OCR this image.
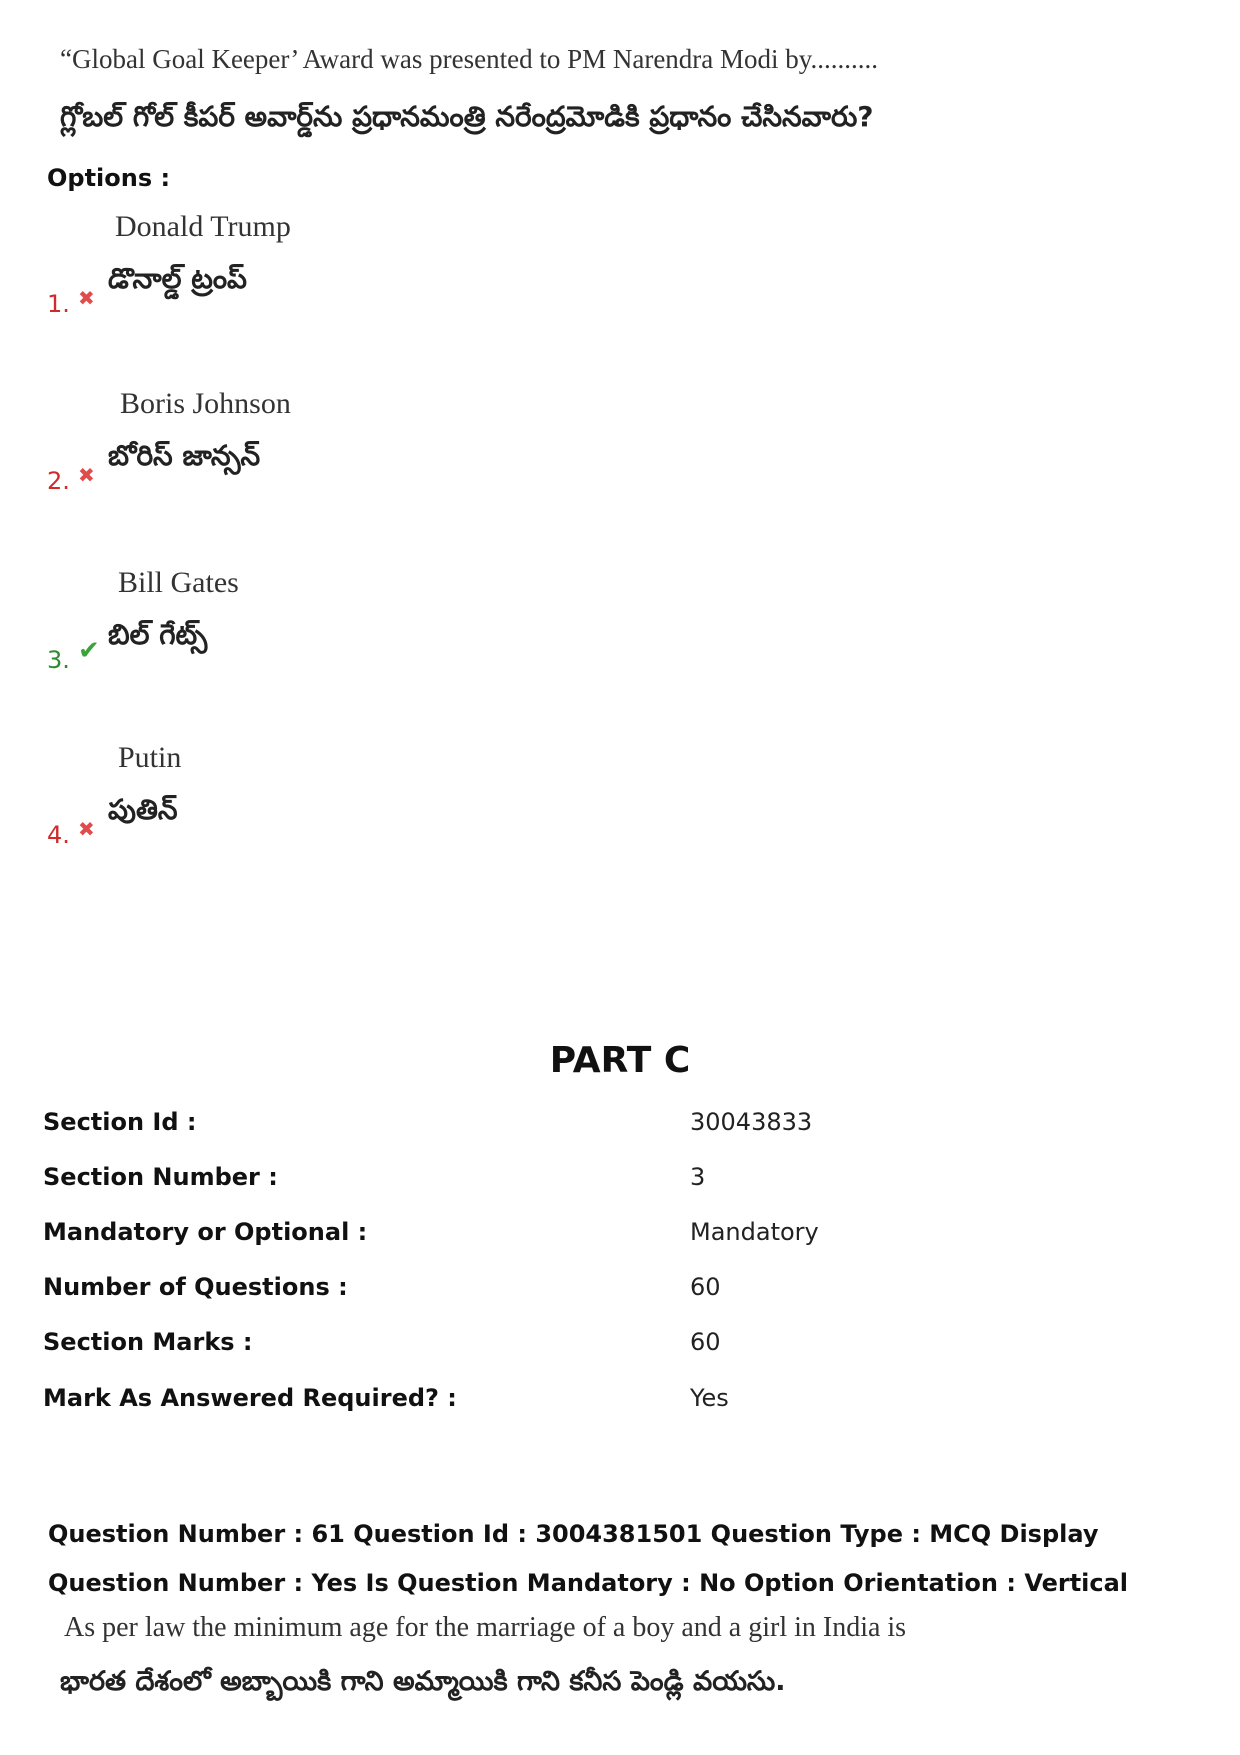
“Global Goal Keeper’ Award was presented to PM Narendra Modi by..........
గ్లోబల్ గోల్ కీపర్ అవార్డ్‌ను ప్రధానమంత్రి నరేంద్రమోడికి ప్రధానం చేసినవారు?
Options :
Donald Trump
డొనాల్డ్ ట్రంప్
1. ✖
Boris Johnson
బోరిస్ జాన్సన్
2. ✖
Bill Gates
బిల్ గేట్స్
3. ✔
Putin
పుతిన్
4. ✖
PART C
Section Id :	30043833
Section Number :	3
Mandatory or Optional :	Mandatory
Number of Questions :	60
Section Marks :	60
Mark As Answered Required? :	Yes
Question Number : 61 Question Id : 3004381501 Question Type : MCQ Display Question Number : Yes Is Question Mandatory : No Option Orientation : Vertical
As per law the minimum age for the marriage of a boy and a girl in India is
భారత దేశంలో అబ్బాయికి గాని అమ్మాయికి గాని కనీస పెండ్లి వయసు.
